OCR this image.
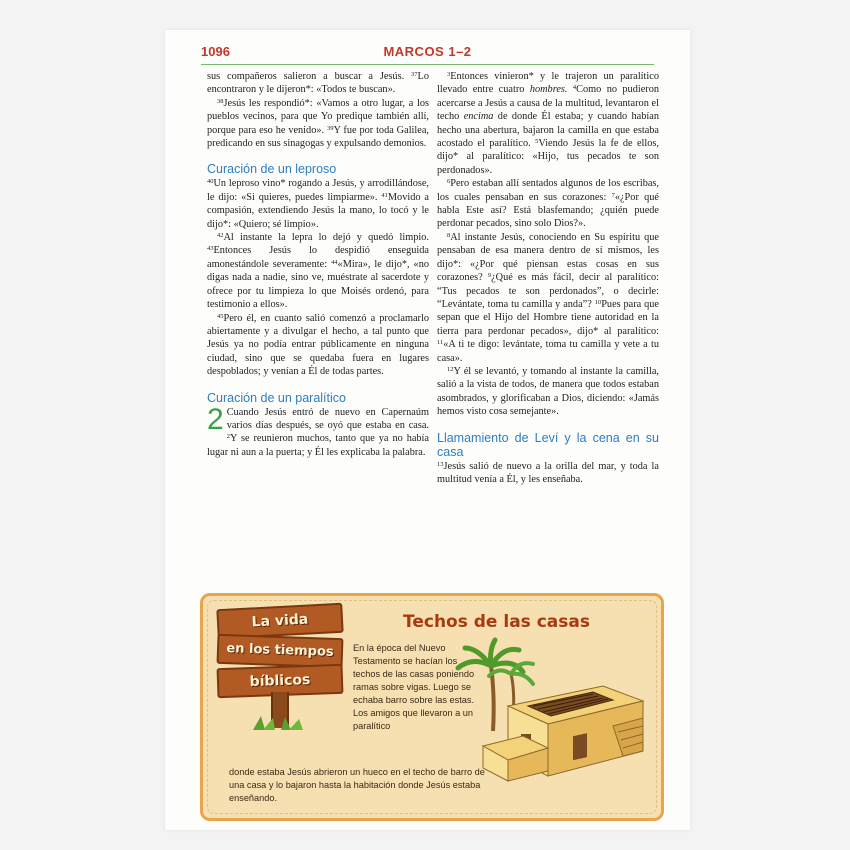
1096	MARCOS 1–2

sus compañeros salieron a buscar a Jesús. $^{37}$Lo encontraron y le dijeron*: «Todos te buscan».

$^{38}$Jesús les respondió*: «Vamos a otro lugar, a los pueblos vecinos, para que Yo predique también allí, porque para eso he venido». $^{39}$Y fue por toda Galilea, predicando en sus sinagogas y expulsando demonios.

Curación de un leproso

$^{40}$Un leproso vino* rogando a Jesús, y arrodillándose, le dijo: «Si quieres, puedes limpiarme». $^{41}$Movido a compasión, extendiendo Jesús la mano, lo tocó y le dijo*: «Quiero; sé limpio».

$^{42}$Al instante la lepra lo dejó y quedó limpio. $^{43}$Entonces Jesús lo despidió enseguida amonestándole severamente: $^{44}$«Mira», le dijo*, «no digas nada a nadie, sino ve, muéstrate al sacerdote y ofrece por tu limpieza lo que Moisés ordenó, para testimonio a ellos».

$^{45}$Pero él, en cuanto salió comenzó a proclamarlo abiertamente y a divulgar el hecho, a tal punto que Jesús ya no podía entrar públicamente en ninguna ciudad, sino que se quedaba fuera en lugares despoblados; y venían a Él de todas partes.

Curación de un paralítico

2 Cuando Jesús entró de nuevo en Capernaúm varios días después, se oyó que estaba en casa. $^2$Y se reunieron muchos, tanto que ya no había lugar ni aun a la puerta; y Él les explicaba la palabra.

$^3$Entonces vinieron* y le trajeron un paralítico llevado entre cuatro hombres. $^4$Como no pudieron acercarse a Jesús a causa de la multitud, levantaron el techo encima de donde Él estaba; y cuando habían hecho una abertura, bajaron la camilla en que estaba acostado el paralítico. $^5$Viendo Jesús la fe de ellos, dijo* al paralítico: «Hijo, tus pecados te son perdonados».

$^6$Pero estaban allí sentados algunos de los escribas, los cuales pensaban en sus corazones: $^7$«¿Por qué habla Este así? Está blasfemando; ¿quién puede perdonar pecados, sino solo Dios?».

$^8$Al instante Jesús, conociendo en Su espíritu que pensaban de esa manera dentro de sí mismos, les dijo*: «¿Por qué piensan estas cosas en sus corazones? $^9$¿Qué es más fácil, decir al paralítico: “Tus pecados te son perdonados”, o decirle: “Levántate, toma tu camilla y anda”? $^{10}$Pues para que sepan que el Hijo del Hombre tiene autoridad en la tierra para perdonar pecados», dijo* al paralítico: $^{11}$«A ti te digo: levántate, toma tu camilla y vete a tu casa».

$^{12}$Y él se levantó, y tomando al instante la camilla, salió a la vista de todos, de manera que todos estaban asombrados, y glorificaban a Dios, diciendo: «Jamás hemos visto cosa semejante».

Llamamiento de Leví y la cena en su casa

$^{13}$Jesús salió de nuevo a la orilla del mar, y toda la multitud venía a Él, y les enseñaba.

La vida
en los tiempos
bíblicos
Techos de las casas
En la época del Nuevo Testamento se hacían los techos de las casas poniendo ramas sobre vigas. Luego se echaba barro sobre las estas. Los amigos que llevaron a un paralítico
donde estaba Jesús abrieron un hueco en el techo de barro de una casa y lo bajaron hasta la habitación donde Jesús estaba enseñando.
